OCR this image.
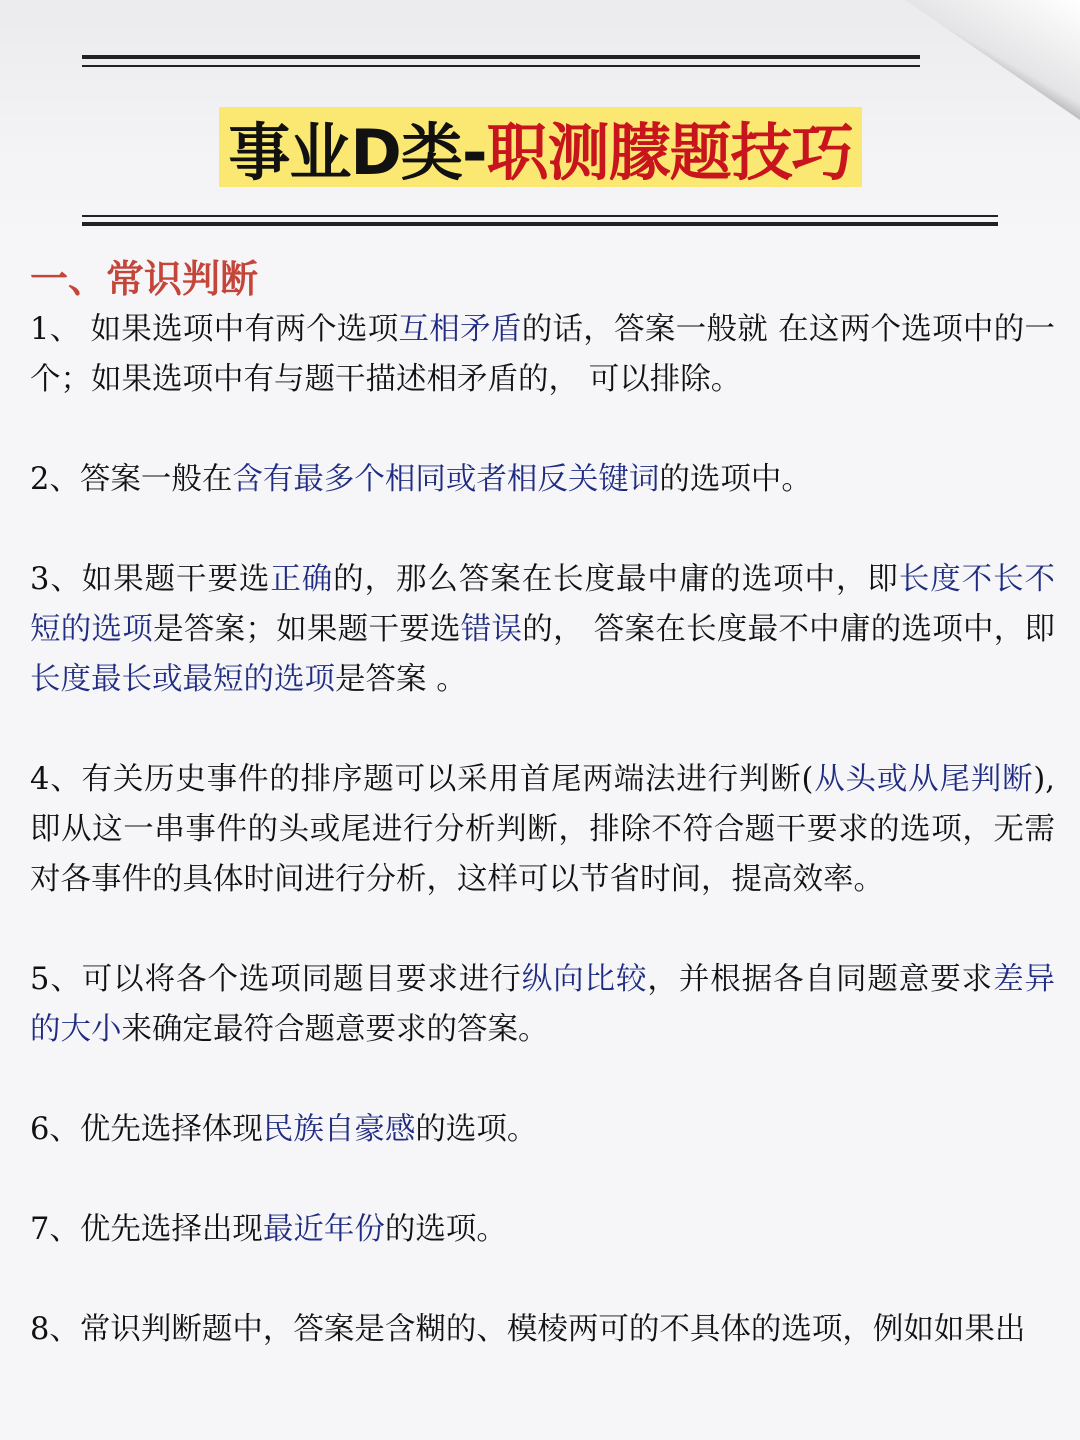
事业D类- 职测朦题技巧
一、常识判断

1、 如果选项中有两个选项互相矛盾的话，答案一般就 在这两个选项中的一个；如果选项中有与题干描述相矛盾的， 可以排除。

2、答案一般在含有最多个相同或者相反关键词的选项中。

3、如果题干要选正确的，那么答案在长度最中庸的选项中，即长度不长不短的选项是答案；如果题干要选错误的， 答案在长度最不中庸的选项中，即长度最长或最短的选项是答案 。

4、有关历史事件的排序题可以采用首尾两端法进行判断(从头或从尾判断),即从这一串事件的头或尾进行分析判断，排除不符合题干要求的选项，无需对各事件的具体时间进行分析，这样可以节省时间，提高效率。

5、可以将各个选项同题目要求进行纵向比较，并根据各自同题意要求差异的大小来确定最符合题意要求的答案。

6、优先选择体现民族自豪感的选项。

7、优先选择出现最近年份的选项。

8、常识判断题中，答案是含糊的、模棱两可的不具体的选项，例如如果出
